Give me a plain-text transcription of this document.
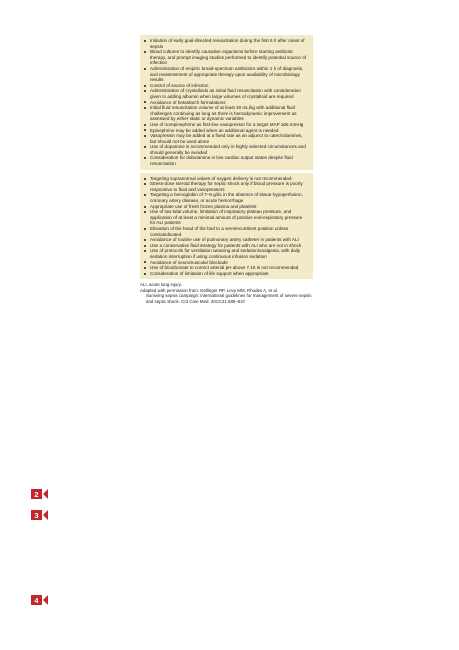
Initiation of early goal-directed resuscitation during the first 6 h after onset of sepsis
Blood cultures to identify causative organisms before starting antibiotic therapy, and prompt imaging studies performed to identify potential source of infection
Administration of empiric broad-spectrum antibiotics within 1 h of diagnosis, and reassessment of appropriate therapy upon availability of microbiology results
Control of source of infection
Administration of crystalloids as initial fluid resuscitation with consideration given to adding albumin when large volumes of crystalloid are required
Avoidance of hetastarch formulations
Initial fluid resuscitation volume of at least 30 mL/kg with additional fluid challenges continuing as long as there is hemodynamic improvement as assessed by either static or dynamic variables
Use of norepinephrine as first-line vasopressor for a target MAP ≥65 mmHg
Epinephrine may be added when an additional agent is needed
Vasopressin may be added at a fixed rate as an adjunct to catecholamines, but should not be used alone
Use of dopamine is recommended only in highly selected circumstances and should generally be avoided
Consideration for dobutamine in low cardiac output states despite fluid resuscitation
Targeting supranormal values of oxygen delivery is not recommended
Stress-dose steroid therapy for septic shock only if blood pressure is poorly responsive to fluid and vasopressors
Targeting a hemoglobin of 7–9 g/dL in the absence of tissue hypoperfusion, coronary artery disease, or acute hemorrhage
Appropriate use of fresh frozen plasma and platelets
Use of low tidal volume, limitation of inspiratory plateau pressure, and application of at least a minimal amount of positive end-expiratory pressure for ALI patients
Elevation of the head of the bed to a semirecumbent position unless contraindicated
Avoidance of routine use of pulmonary artery catheter in patients with ALI
Use a conservative fluid strategy for patients with ALI who are not in shock
Use of protocols for ventilation weaning and sedation/analgesia, with daily sedation interruption if using continuous infusion sedation
Avoidance of neuromuscular blockade
Use of bicarbonate to correct arterial pH above 7.15 is not recommended
Consideration of limitation of life support when appropriate

ALI, acute lung injury.

Adapted with permission from: Dellinger RP, Levy MM, Rhodes A, et al.

Surviving sepsis campaign: international guidelines for management of severe sepsis and septic shock. Crit Care Med. 2013;41:580–637.

2
3
4
